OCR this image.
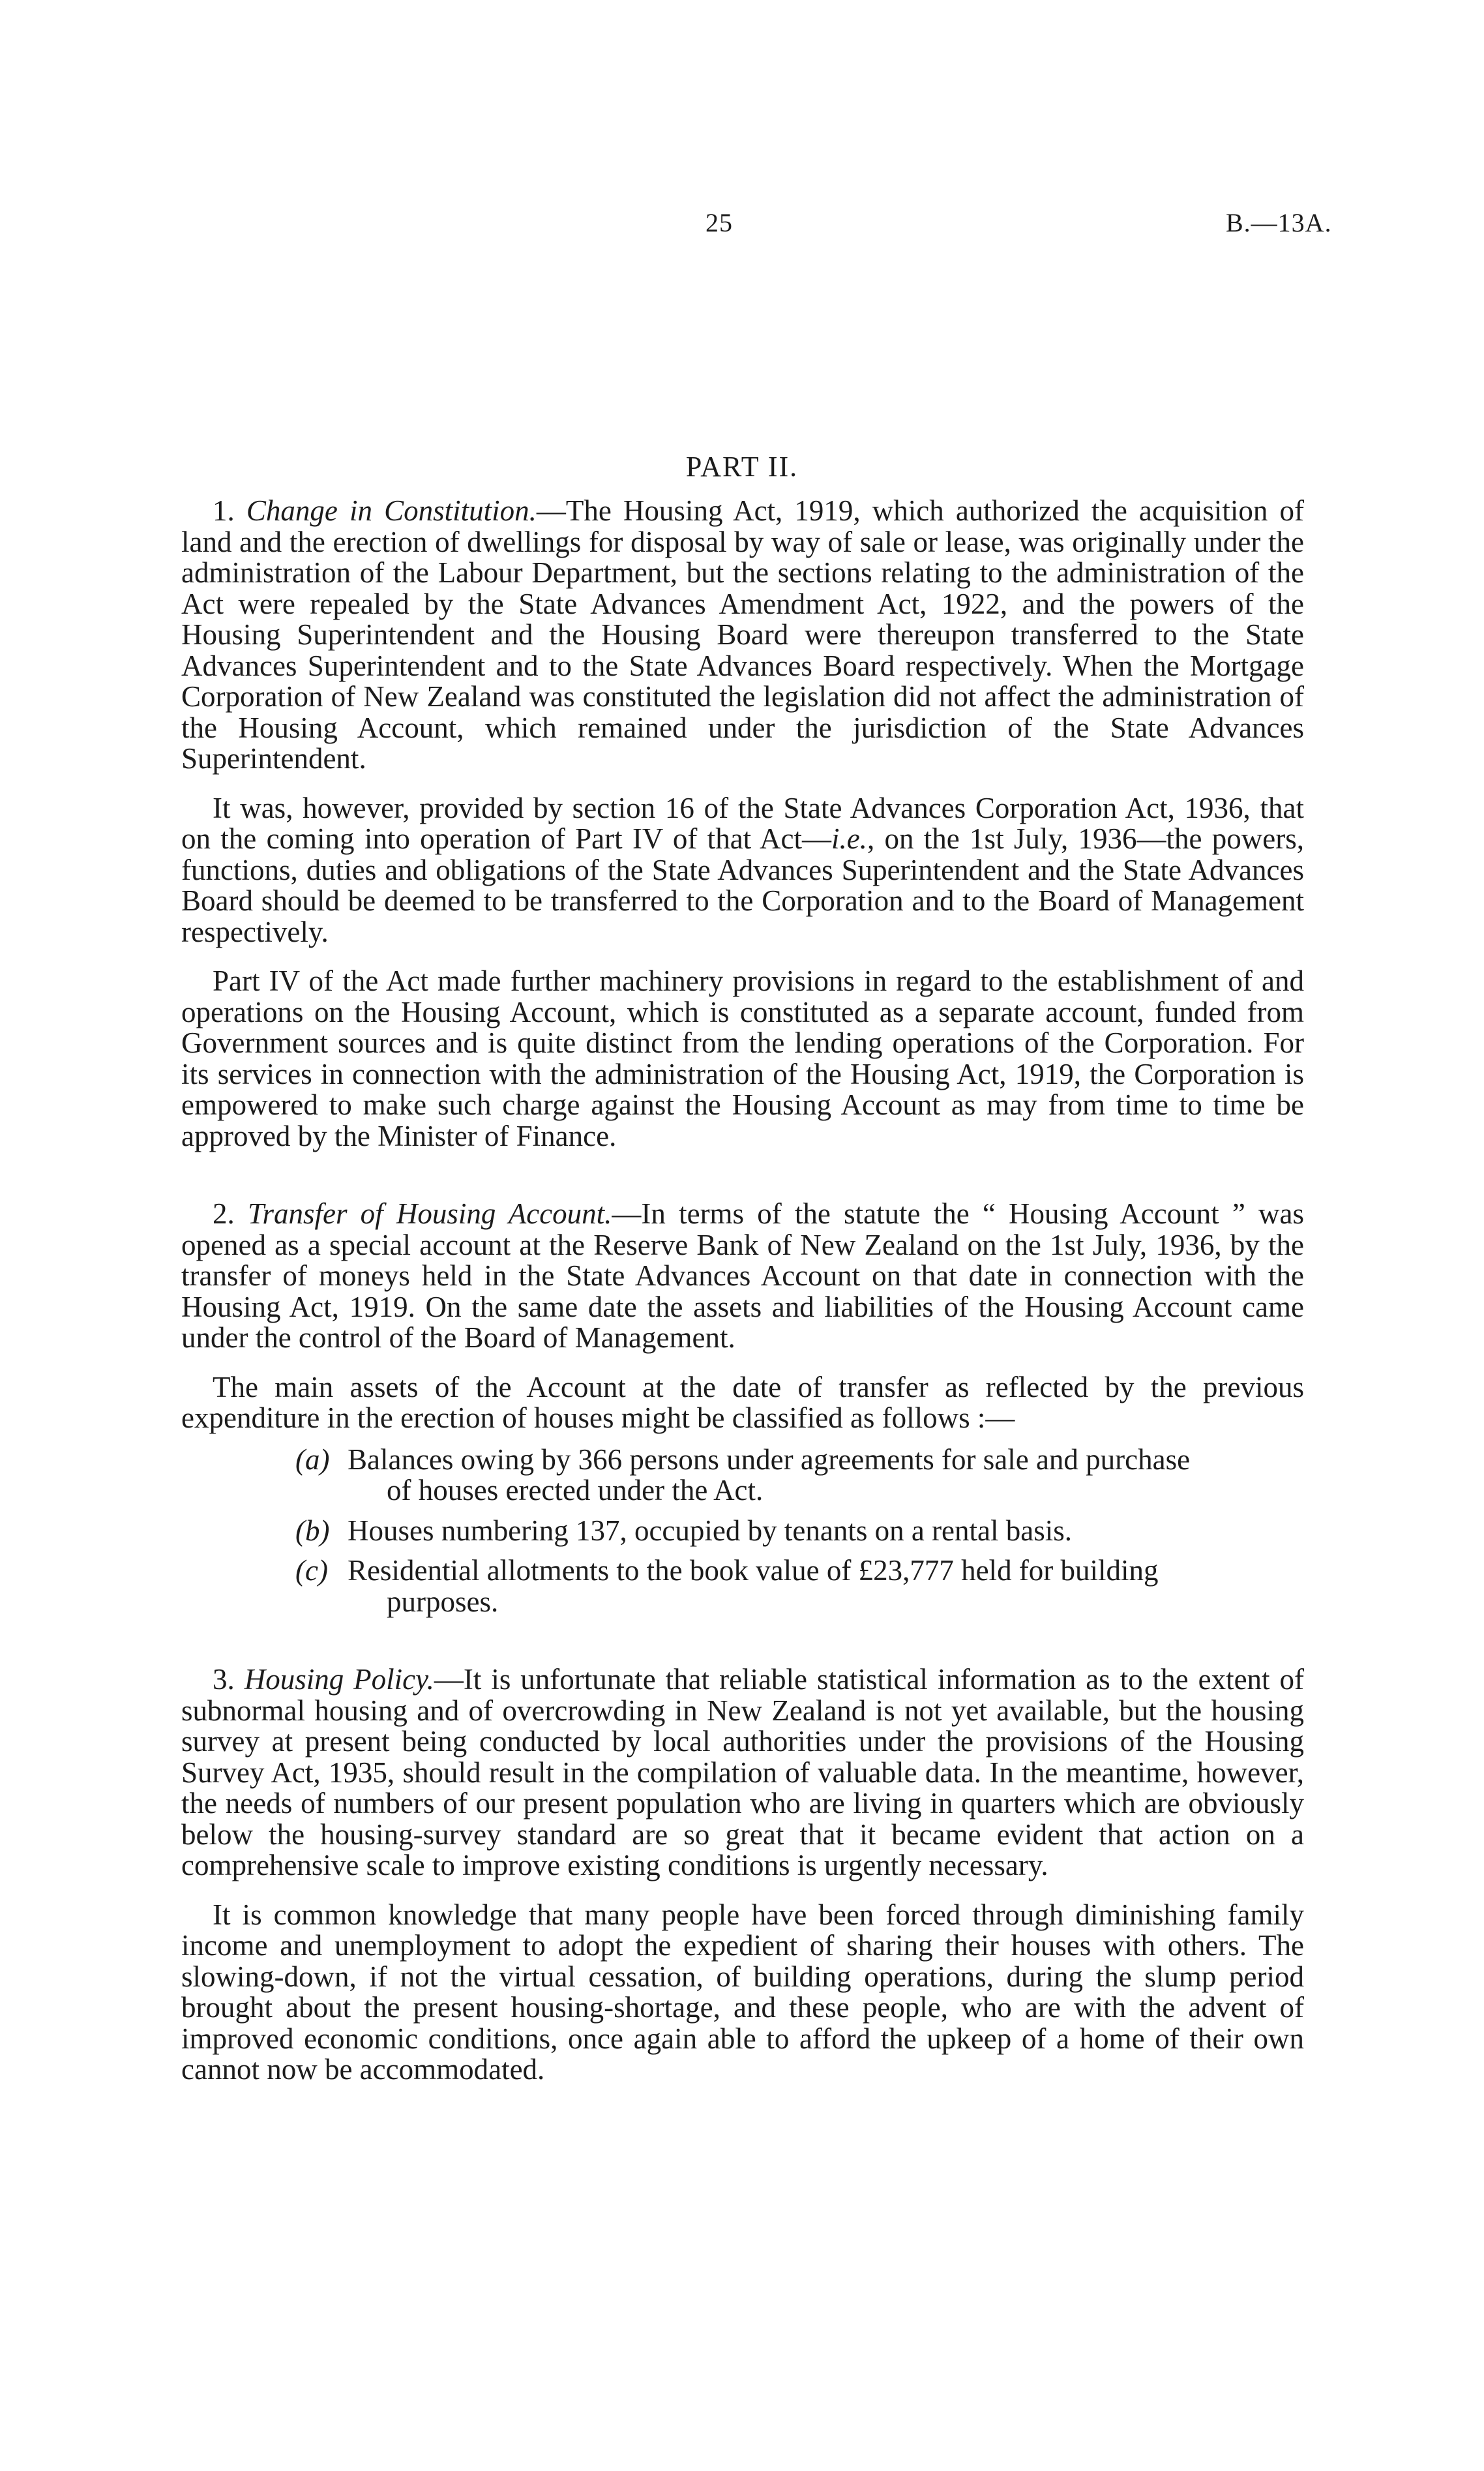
25	B.—13A.
PART II.

1. Change in Constitution.—The Housing Act, 1919, which authorized the acquisition of land and the erection of dwellings for disposal by way of sale or lease, was originally under the administration of the Labour Department, but the sections relating to the administration of the Act were repealed by the State Advances Amendment Act, 1922, and the powers of the Housing Superintendent and the Housing Board were thereupon transferred to the State Advances Superintendent and to the State Advances Board respectively. When the Mortgage Corporation of New Zealand was constituted the legislation did not affect the administration of the Housing Account, which remained under the jurisdiction of the State Advances Superintendent.

It was, however, provided by section 16 of the State Advances Corporation Act, 1936, that on the coming into operation of Part IV of that Act—i.e., on the 1st July, 1936—the powers, functions, duties and obligations of the State Advances Superintendent and the State Advances Board should be deemed to be transferred to the Corporation and to the Board of Management respectively.

Part IV of the Act made further machinery provisions in regard to the establishment of and operations on the Housing Account, which is constituted as a separate account, funded from Government sources and is quite distinct from the lending operations of the Corporation. For its services in connection with the administration of the Housing Act, 1919, the Corporation is empowered to make such charge against the Housing Account as may from time to time be approved by the Minister of Finance.

2. Transfer of Housing Account.—In terms of the statute the “ Housing Account ” was opened as a special account at the Reserve Bank of New Zealand on the 1st July, 1936, by the transfer of moneys held in the State Advances Account on that date in connection with the Housing Act, 1919. On the same date the assets and liabilities of the Housing Account came under the control of the Board of Management.

The main assets of the Account at the date of transfer as reflected by the previous expenditure in the erection of houses might be classified as follows :—

(a) Balances owing by 366 persons under agreements for sale and purchase
of houses erected under the Act.
(b) Houses numbering 137, occupied by tenants on a rental basis.
(c) Residential allotments to the book value of £23,777 held for building
purposes.

3. Housing Policy.—It is unfortunate that reliable statistical information as to the extent of subnormal housing and of overcrowding in New Zealand is not yet available, but the housing survey at present being conducted by local authorities under the provisions of the Housing Survey Act, 1935, should result in the compilation of valuable data. In the meantime, however, the needs of numbers of our present population who are living in quarters which are obviously below the housing-survey standard are so great that it became evident that action on a comprehensive scale to improve existing conditions is urgently necessary.

It is common knowledge that many people have been forced through diminishing family income and unemployment to adopt the expedient of sharing their houses with others. The slowing-down, if not the virtual cessation, of building operations, during the slump period brought about the present housing-shortage, and these people, who are with the advent of improved economic conditions, once again able to afford the upkeep of a home of their own cannot now be accommodated.
